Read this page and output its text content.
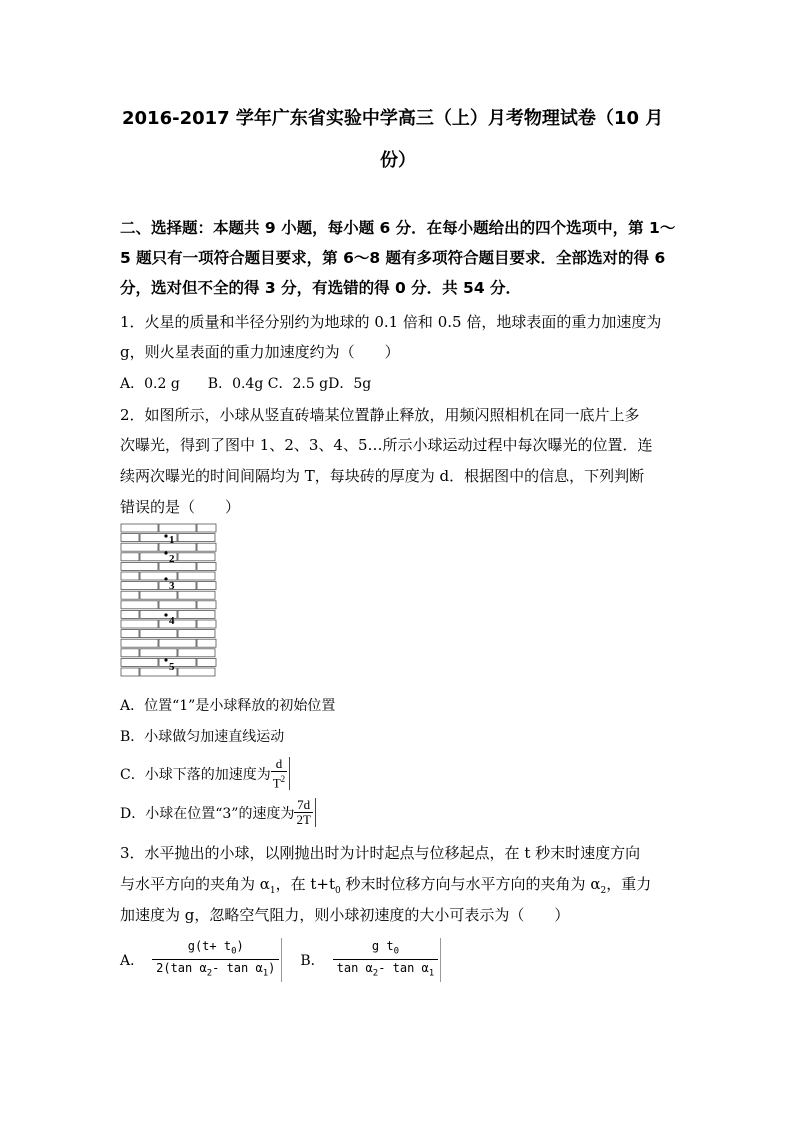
2016-2017 学年广东省实验中学高三（上）月考物理试卷（10 月
份）
二、选择题：本题共 9 小题，每小题 6 分．在每小题给出的四个选项中，第 1～
5 题只有一项符合题目要求，第 6～8 题有多项符合题目要求．全部选对的得 6
分，选对但不全的得 3 分，有选错的得 0 分．共 54 分．
1．火星的质量和半径分别约为地球的 0.1 倍和 0.5 倍，地球表面的重力加速度为
g，则火星表面的重力加速度约为（　　）
A．0.2 g　　B．0.4g C．2.5 gD．5g
2．如图所示，小球从竖直砖墙某位置静止释放，用频闪照相机在同一底片上多
次曝光，得到了图中 1、2、3、4、5…所示小球运动过程中每次曝光的位置．连
续两次曝光的时间间隔均为 T，每块砖的厚度为 d．根据图中的信息，下列判断
错误的是（　　）
1
2
3
4
5
A．位置“1”是小球释放的初始位置
B．小球做匀加速直线运动
C．小球下落的加速度为 $\frac{d}{T^2}$
D．小球在位置“3”的速度为 $\frac{7d}{2T}$
3．水平抛出的小球，以刚抛出时为计时起点与位移起点，在 t 秒末时速度方向
与水平方向的夹角为 $\alpha_1$，在 $t+t_0$ 秒末时位移方向与水平方向的夹角为 $\alpha_2$，重力
加速度为 g，忽略空气阻力，则小球初速度的大小可表示为（　　）
A． $\frac{g(t+ t_0)}{2(\tan \alpha_2- \tan \alpha_1)}$ B． $\frac{g t_0}{\tan \alpha_2- \tan \alpha_1}$
